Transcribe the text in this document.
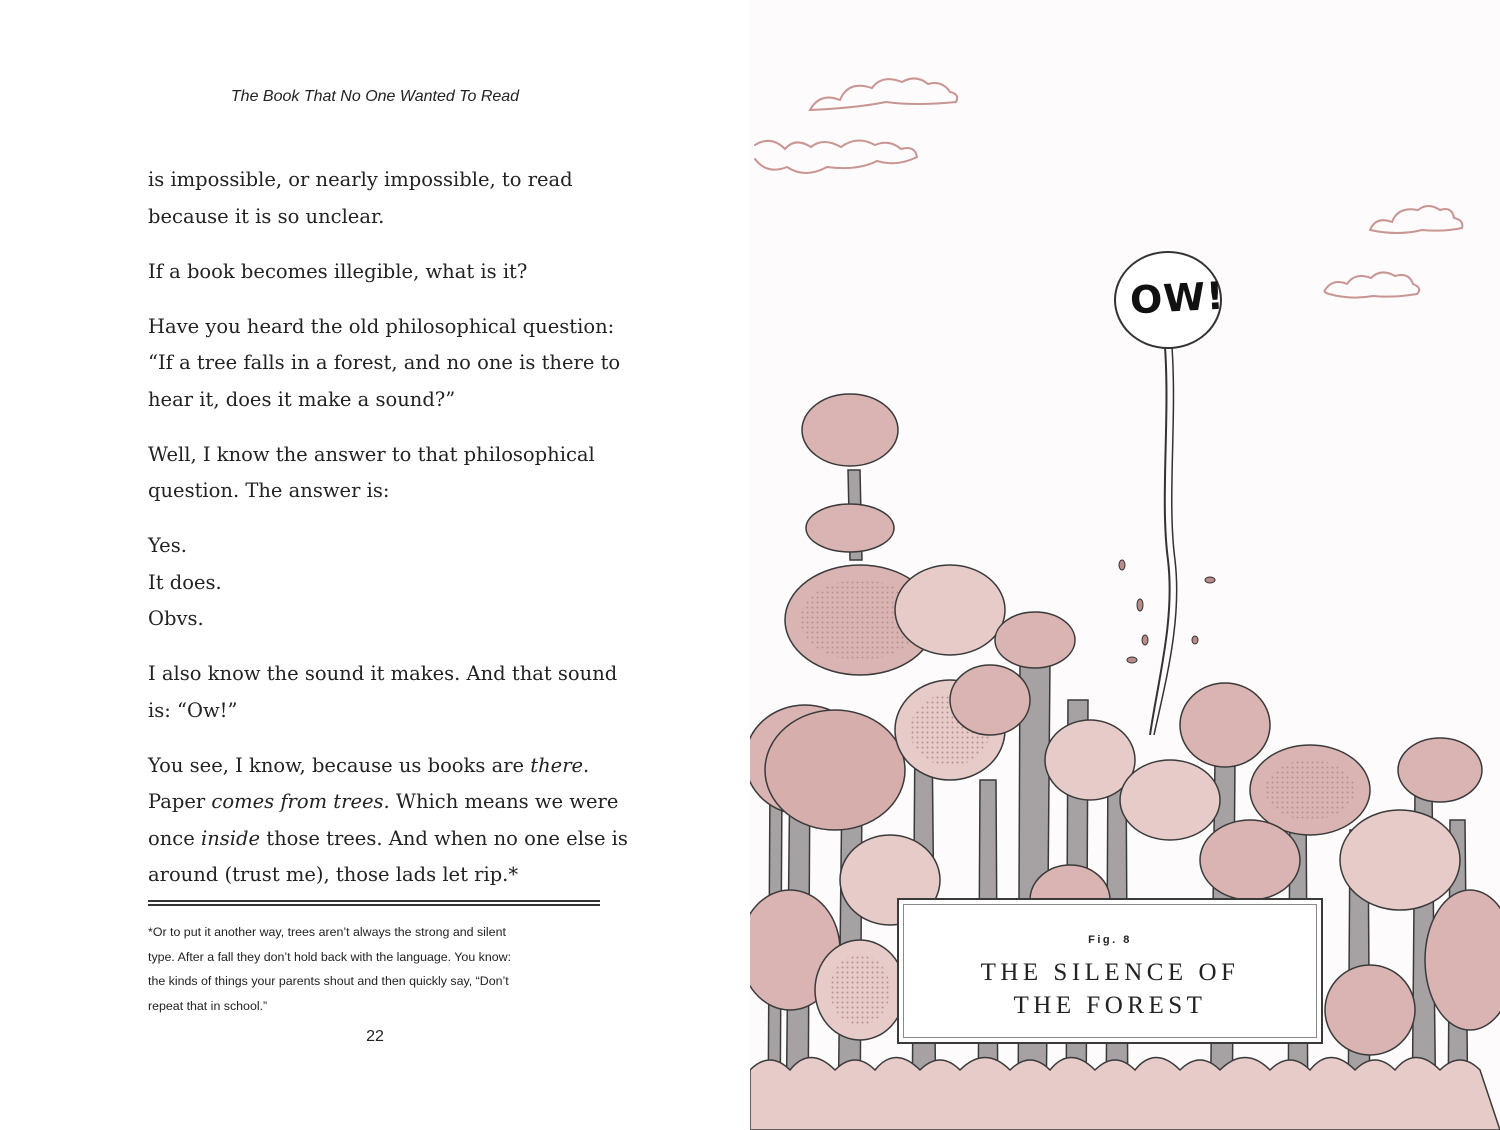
The Book That No One Wanted To Read

is impossible, or nearly impossible, to read
because it is so unclear.

If a book becomes illegible, what is it?

Have you heard the old philosophical question:
“If a tree falls in a forest, and no one is there to
hear it, does it make a sound?”

Well, I know the answer to that philosophical
question. The answer is:

Yes.
It does.
Obvs.

I also know the sound it makes. And that sound
is: “Ow!”

You see, I know, because us books are there.
Paper comes from trees. Which means we were
once inside those trees. And when no one else is
around (trust me), those lads let rip.*

*Or to put it another way, trees aren’t always the strong and silent
type. After a fall they don’t hold back with the language. You know:
the kinds of things your parents shout and then quickly say, “Don’t
repeat that in school.”
22
OW!
Fig. 8
THE SILENCE OF
THE FOREST
